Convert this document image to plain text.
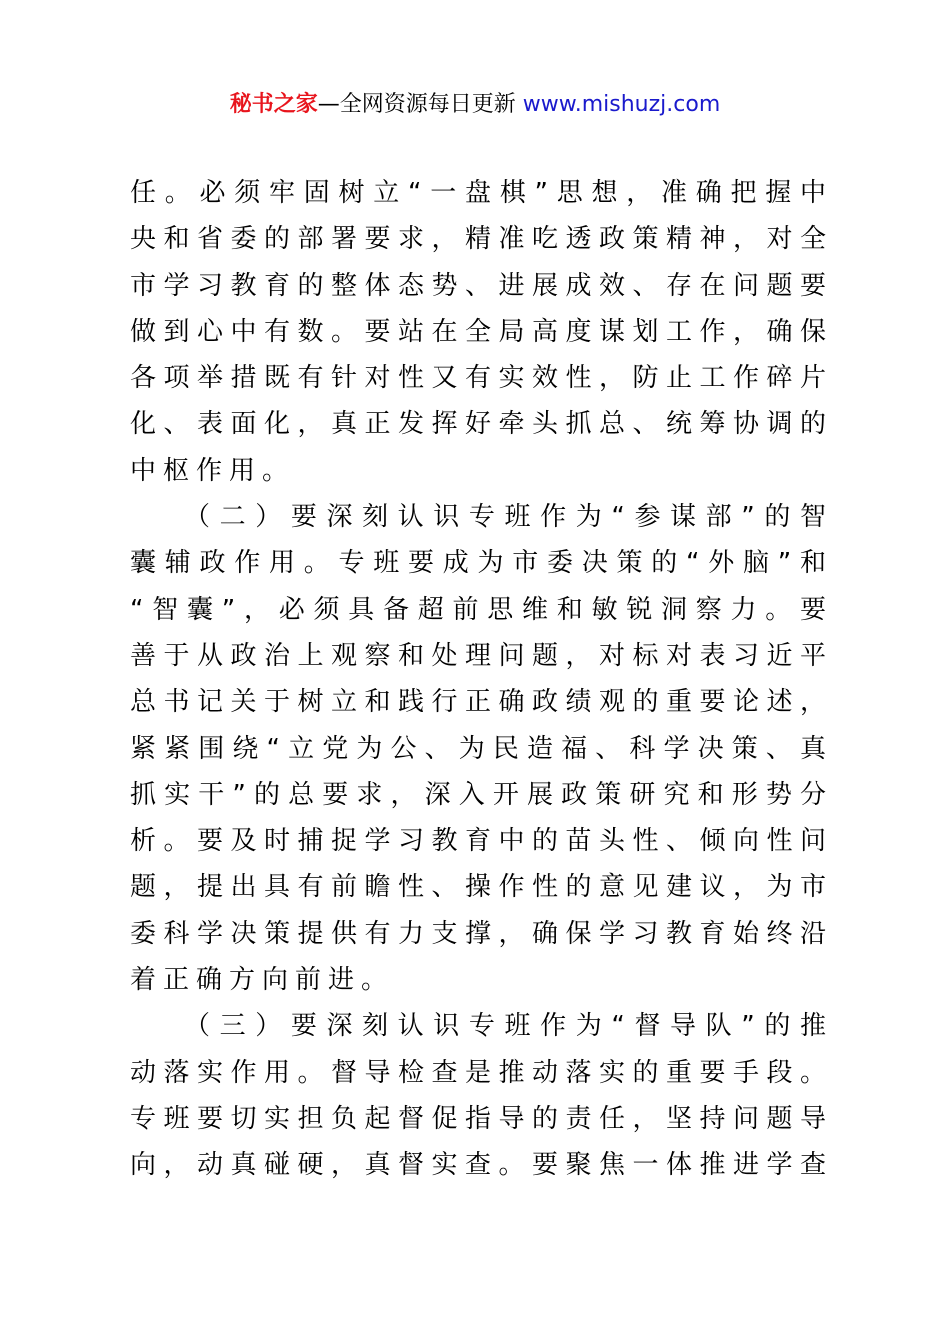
秘书之家—全网资源每日更新 www.mishuzj.com
任。必须牢固树立“一盘棋”思想，准确把握中
央和省委的部署要求，精准吃透政策精神，对全
市学习教育的整体态势、进展成效、存在问题要
做到心中有数。要站在全局高度谋划工作，确保
各项举措既有针对性又有实效性，防止工作碎片
化、表面化，真正发挥好牵头抓总、统筹协调的
中枢作用。
（二）要深刻认识专班作为“参谋部”的智
囊辅政作用。专班要成为市委决策的“外脑”和
“智囊”，必须具备超前思维和敏锐洞察力。要
善于从政治上观察和处理问题，对标对表习近平
总书记关于树立和践行正确政绩观的重要论述，
紧紧围绕“立党为公、为民造福、科学决策、真
抓实干”的总要求，深入开展政策研究和形势分
析。要及时捕捉学习教育中的苗头性、倾向性问
题，提出具有前瞻性、操作性的意见建议，为市
委科学决策提供有力支撑，确保学习教育始终沿
着正确方向前进。
（三）要深刻认识专班作为“督导队”的推
动落实作用。督导检查是推动落实的重要手段。
专班要切实担负起督促指导的责任，坚持问题导
向，动真碰硬，真督实查。要聚焦一体推进学查
